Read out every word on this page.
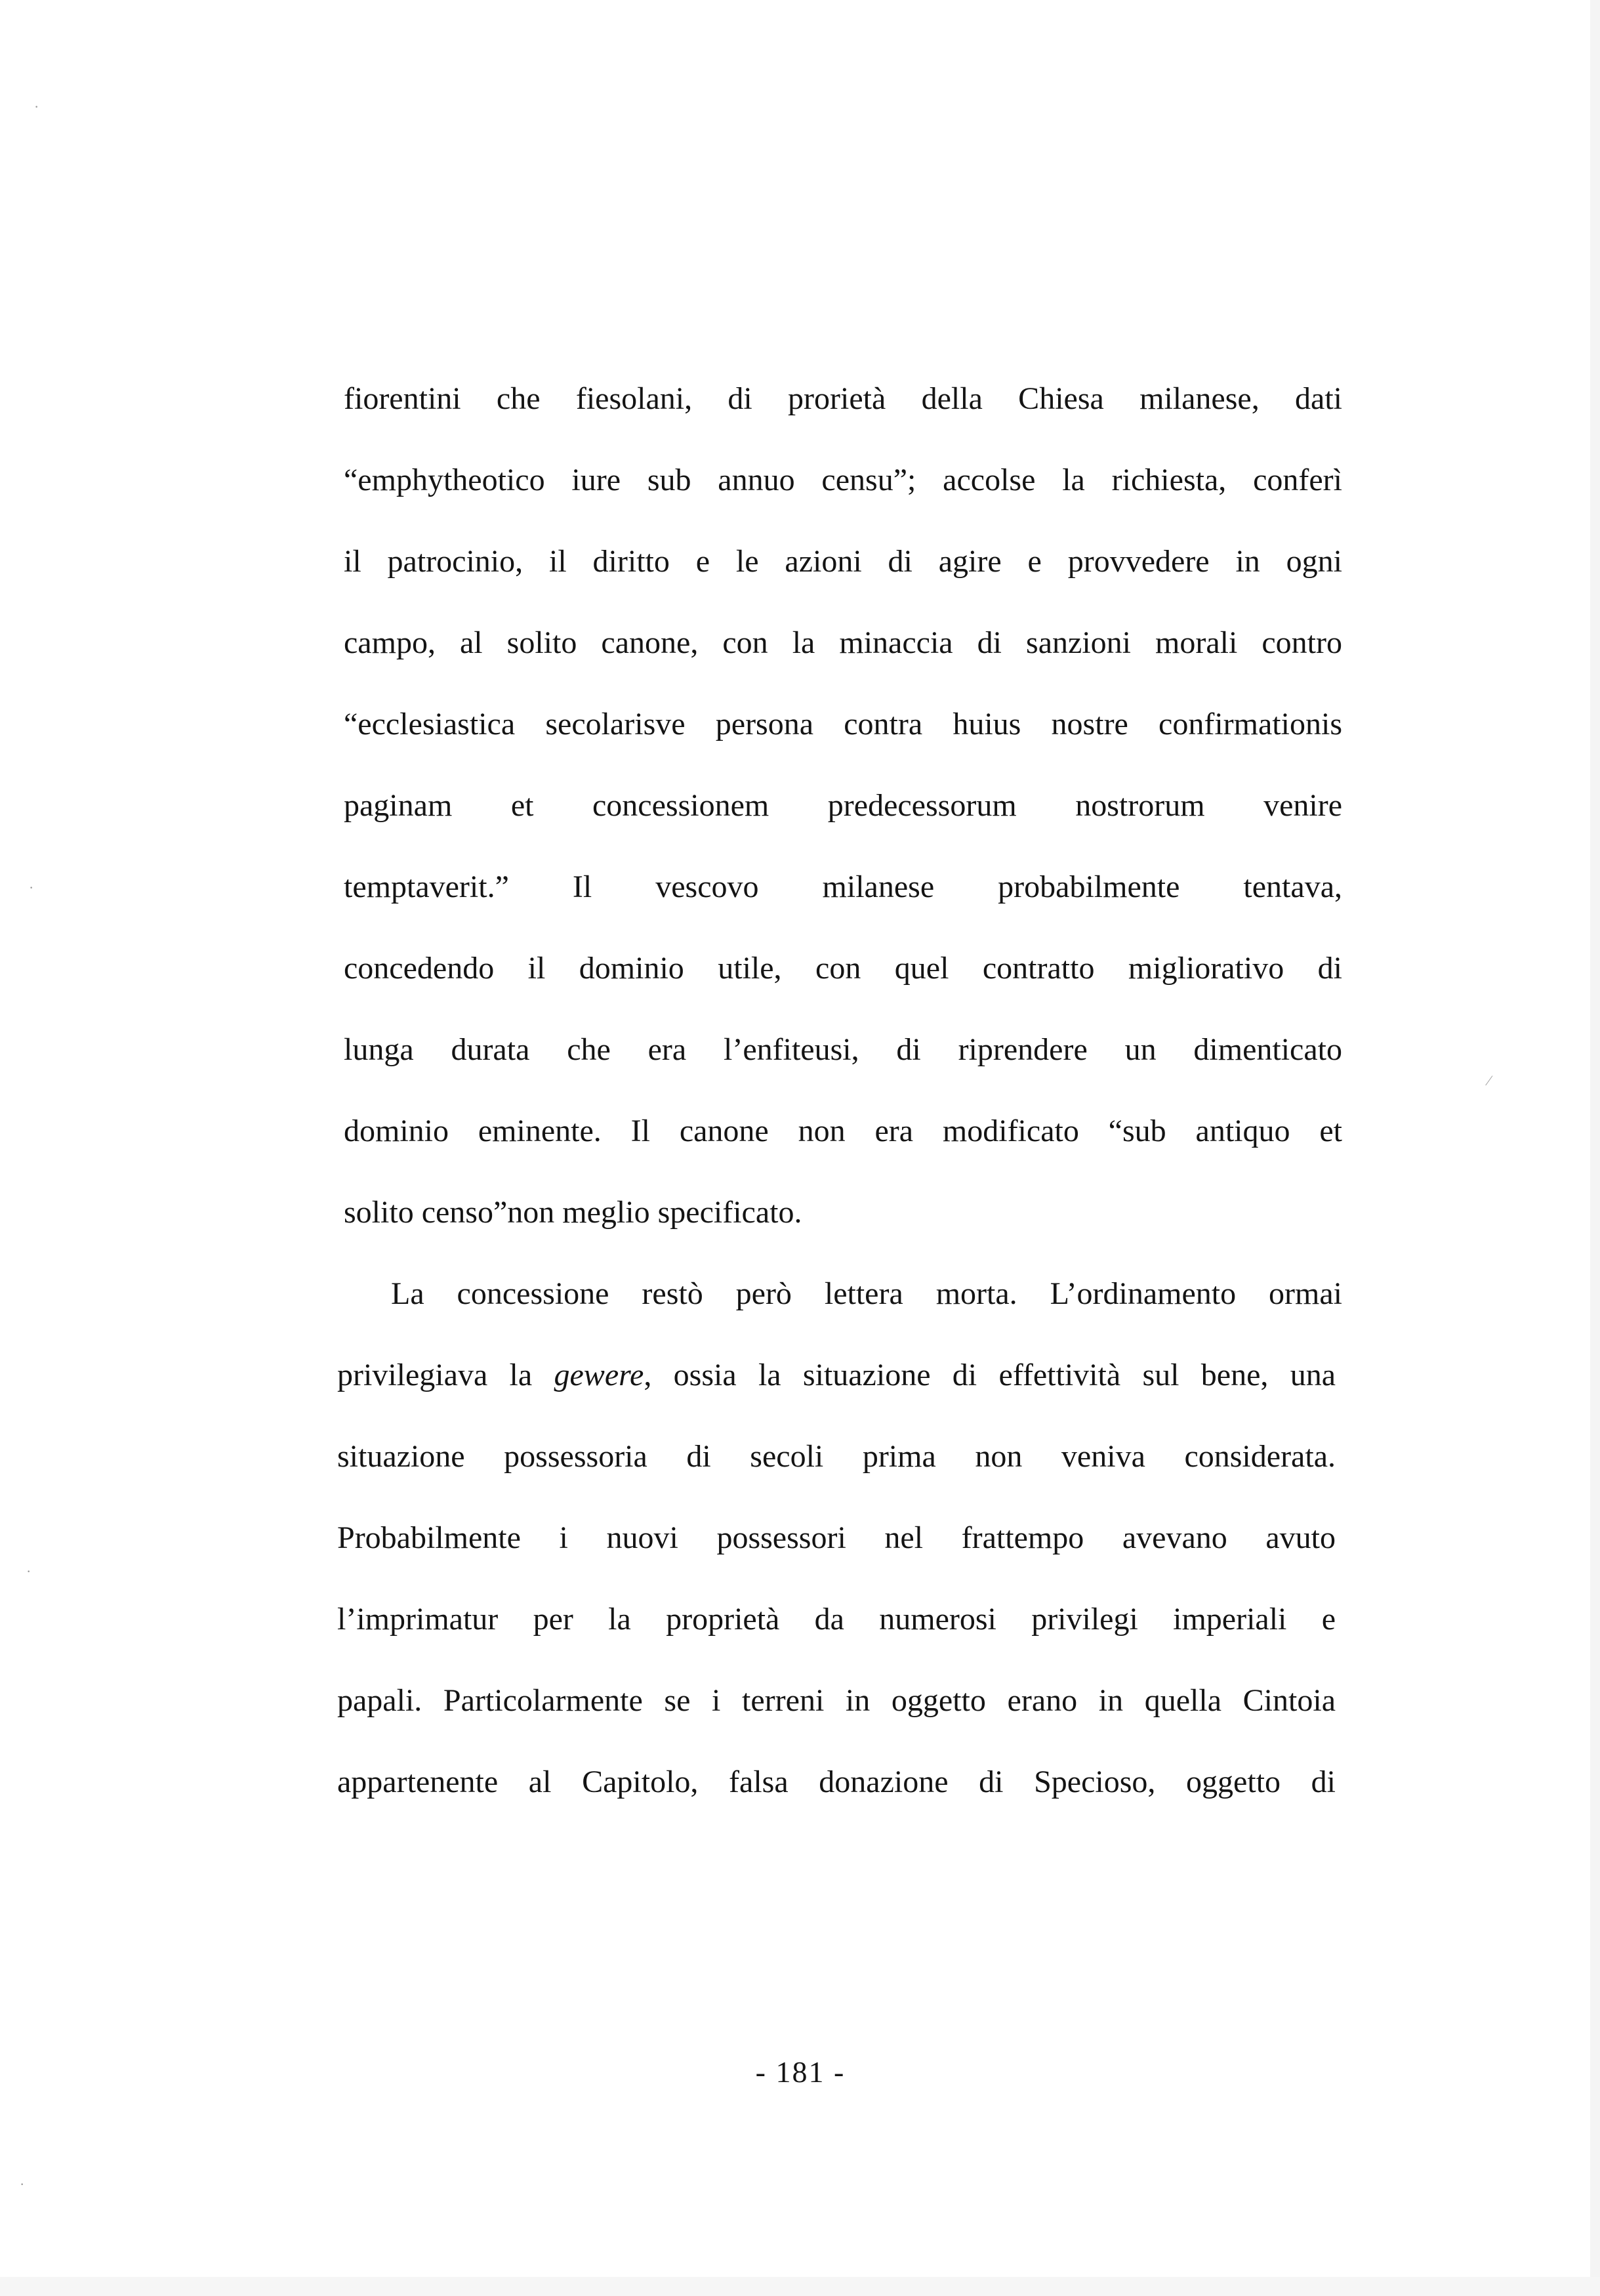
·
·
·
·
⁄
fiorentini che fiesolani, di prorietà della Chiesa milanese, dati
“emphytheotico iure sub annuo censu”; accolse la richiesta, conferì
il patrocinio, il diritto e le azioni di agire e provvedere in ogni
campo, al solito canone, con la minaccia di sanzioni morali contro
“ecclesiastica secolarisve persona contra huius nostre confirmationis
paginam et concessionem predecessorum nostrorum venire
temptaverit.” Il vescovo milanese probabilmente tentava,
concedendo il dominio utile, con quel contratto migliorativo di
lunga durata che era l’enfiteusi, di riprendere un dimenticato
dominio eminente. Il canone non era modificato “sub antiquo et
solito censo”non meglio specificato.
La concessione restò però lettera morta. L’ordinamento ormai
privilegiava la gewere, ossia la situazione di effettività sul bene, una
situazione possessoria di secoli prima non veniva considerata.
Probabilmente i nuovi possessori nel frattempo avevano avuto
l’imprimatur per la proprietà da numerosi privilegi imperiali e
papali. Particolarmente se i terreni in oggetto erano in quella Cintoia
appartenente al Capitolo, falsa donazione di Specioso, oggetto di
- 181 -
